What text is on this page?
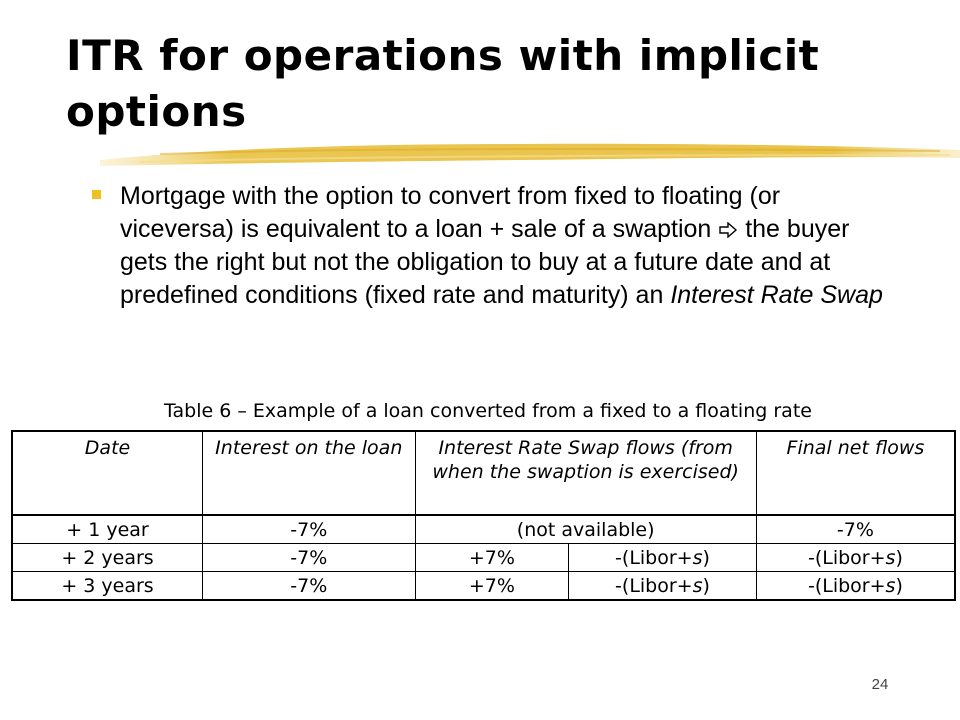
ITR for operations with implicit options
Mortgage with the option to convert from fixed to floating (or viceversa) is equivalent to a loan + sale of a swaption  the buyer gets the right but not the obligation to buy at a future date and at predefined conditions (fixed rate and maturity) an Interest Rate Swap
Table 6 – Example of a loan converted from a fixed to a floating rate
Date	Interest on the loan	Interest Rate Swap flows (from when the swaption is exercised)		Final net flows
+ 1 year	-7%	(not available)		-7%
+ 2 years	-7%	+7%	-(Libor+s)	-(Libor+s)
+ 3 years	-7%	+7%	-(Libor+s)	-(Libor+s)
24
